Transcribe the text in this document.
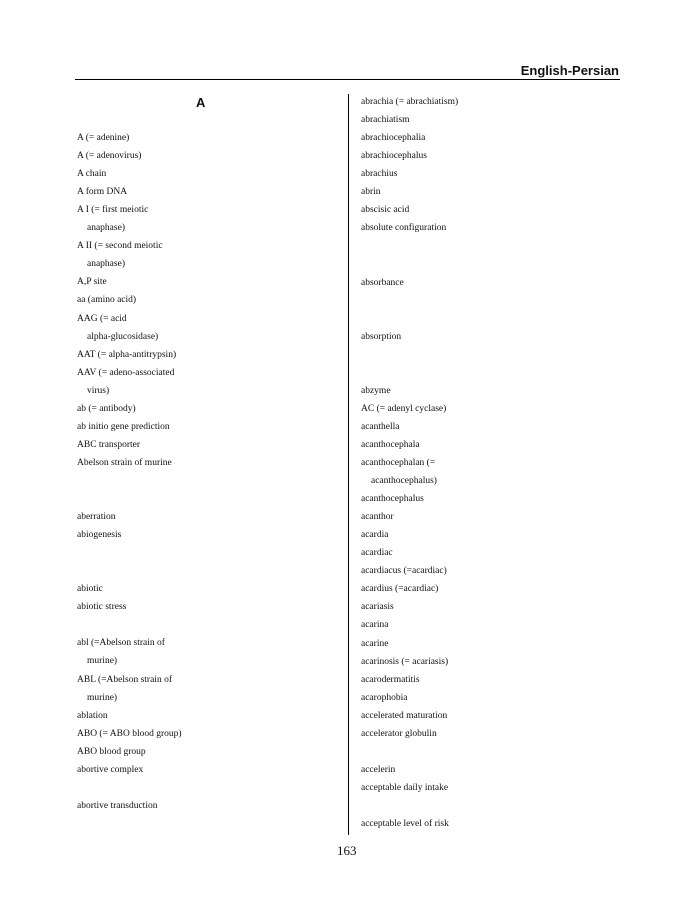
English-Persian
A
A (= adenine)
A (= adenovirus)
A chain
A form DNA
A I (= first meiotic
anaphase)
A II (= second meiotic
anaphase)
A,P site
aa (amino acid)
AAG (= acid
alpha-glucosidase)
AAT (= alpha-antitrypsin)
AAV (= adeno-associated
virus)
ab (= antibody)
ab initio gene prediction
ABC transporter
Abelson strain of murine
aberration
abiogenesis
abiotic
abiotic stress
abl (=Abelson strain of
murine)
ABL (=Abelson strain of
murine)
ablation
ABO (= ABO blood group)
ABO blood group
abortive complex
abortive transduction
abrachia (= abrachiatism)
abrachiatism
abrachiocephalia
abrachiocephalus
abrachius
abrin
abscisic acid
absolute configuration
absorbance
absorption
abzyme
AC (= adenyl cyclase)
acanthella
acanthocephala
acanthocephalan (=
acanthocephalus)
acanthocephalus
acanthor
acardia
acardiac
acardiacus (=acardiac)
acardius (=acardiac)
acariasis
acarina
acarine
acarinosis (= acariasis)
acarodermatitis
acarophobia
accelerated maturation
accelerator globulin
accelerin
acceptable daily intake
acceptable level of risk
163
